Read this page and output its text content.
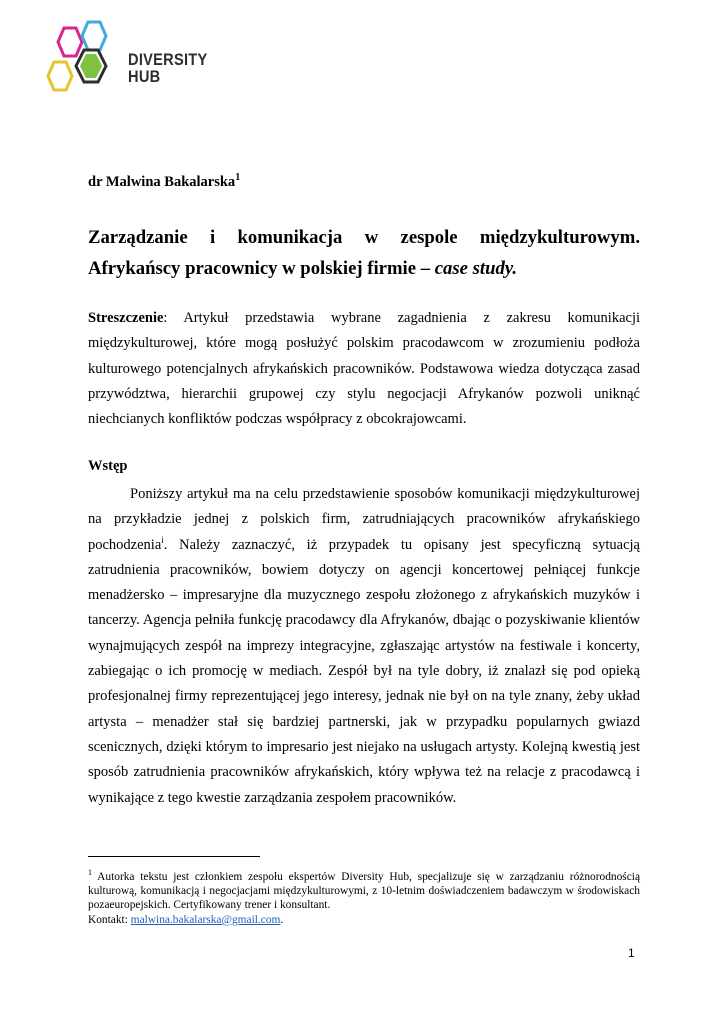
DIVERSITY
HUB
dr Malwina Bakalarska$^1$
Zarządzanie i komunikacja w zespole międzykulturowym. Afrykańscy pracownicy w polskiej firmie – case study.
Streszczenie: Artykuł przedstawia wybrane zagadnienia z zakresu komunikacji międzykulturowej, które mogą posłużyć polskim pracodawcom w zrozumieniu podłoża kulturowego potencjalnych afrykańskich pracowników. Podstawowa wiedza dotycząca zasad przywództwa, hierarchii grupowej czy stylu negocjacji Afrykanów pozwoli uniknąć niechcianych konfliktów podczas współpracy z obcokrajowcami.
Wstęp
Poniższy artykuł ma na celu przedstawienie sposobów komunikacji międzykulturowej na przykładzie jednej z polskich firm, zatrudniających pracowników afrykańskiego pochodzenia$^i$. Należy zaznaczyć, iż przypadek tu opisany jest specyficzną sytuacją zatrudnienia pracowników, bowiem dotyczy on agencji koncertowej pełniącej funkcje menadżersko – impresaryjne dla muzycznego zespołu złożonego z afrykańskich muzyków i tancerzy. Agencja pełniła funkcję pracodawcy dla Afrykanów, dbając o pozyskiwanie klientów wynajmujących zespół na imprezy integracyjne, zgłaszając artystów na festiwale i koncerty, zabiegając o ich promocję w mediach. Zespół był na tyle dobry, iż znalazł się pod opieką profesjonalnej firmy reprezentującej jego interesy, jednak nie był on na tyle znany, żeby układ artysta – menadżer stał się bardziej partnerski, jak w przypadku popularnych gwiazd scenicznych, dzięki którym to impresario jest niejako na usługach artysty. Kolejną kwestią jest sposób zatrudnienia pracowników afrykańskich, który wpływa też na relacje z pracodawcą i wynikające z tego kwestie zarządzania zespołem pracowników.
$^1$ Autorka tekstu jest członkiem zespołu ekspertów Diversity Hub, specjalizuje się w zarządzaniu różnorodnością kulturową, komunikacją i negocjacjami międzykulturowymi, z 10-letnim doświadczeniem badawczym w środowiskach pozaeuropejskich. Certyfikowany trener i konsultant.
Kontakt: malwina.bakalarska@gmail.com.
1
